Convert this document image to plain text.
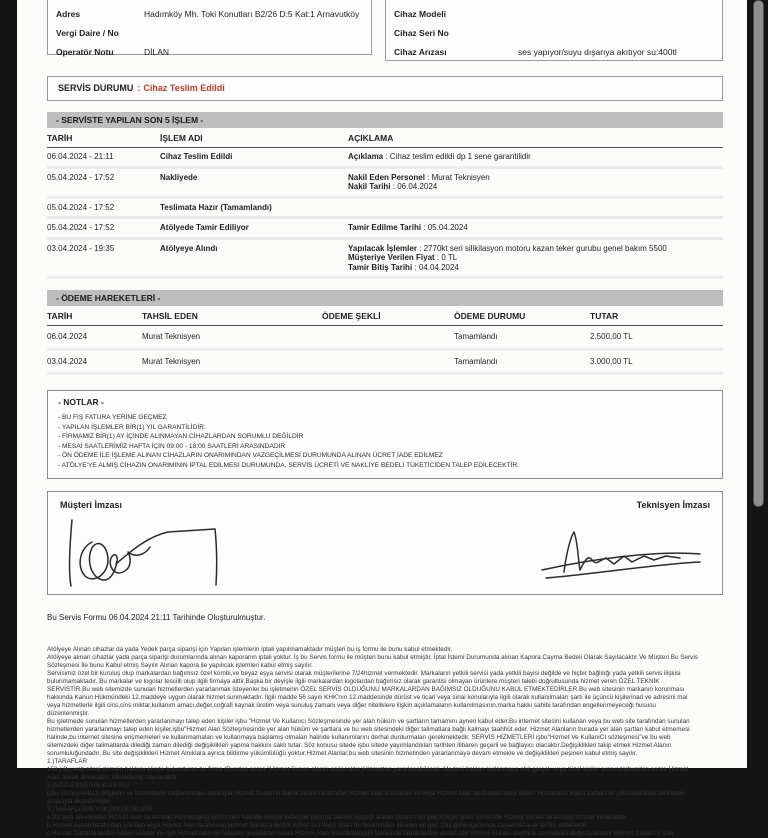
Adres	Hadımköy Mh. Toki Konutları B2/26 D:5 Kat:1 Arnavutköy
Vergi Daire / No
Operatör Notu	DİLAN
Cihaz Modeli
Cihaz Seri No
Cihaz Arızası	ses yapıyor/suyu dışarıya akıtıyor su:400tl
SERVİS DURUMU : Cihaz Teslim Edildi
- SERVİSTE YAPILAN SON 5 İŞLEM -
TARİH	İŞLEM ADI	AÇIKLAMA
06.04.2024 - 21:11	Cihaz Teslim Edildi	Açıklama : Cihaz teslim edildi dp 1 sene garantilidir

05.04.2024 - 17:52	Nakliyede	Nakil Eden Personel : Murat Teknisyen
Nakil Tarihi : 06.04.2024

05.04.2024 - 17:52	Teslimata Hazır (Tamamlandı)	
05.04.2024 - 17:52	Atölyede Tamir Ediliyor	Tamir Edilme Tarihi : 05.04.2024

03.04.2024 - 19:35	Atölyeye Alındı	Yapılacak İşlemler : 2770kt seri silikilasyon motoru kazan teker gurubu genel bakım 5500
Müşteriye Verilen Fiyat : 0 TL
Tamir Bitiş Tarihi : 04.04.2024
- ÖDEME HAREKETLERİ -
TARİH	TAHSİL EDEN	ÖDEME ŞEKLİ	ÖDEME DURUMU	TUTAR
06.04.2024	Murat Teknisyen		Tamamlandı	2.500,00 TL
03.04.2024	Murat Teknisyen		Tamamlandı	3.000,00 TL
- NOTLAR -
- BU FİŞ FATURA YERİNE GEÇMEZ
- YAPILAN İŞLEMLER BİR(1) YIL GARANTİLİDİR.
- FİRMAMIZ BİR(1) AY İÇİNDE ALINMAYAN CİHAZLARDAN SORUMLU DEĞİLDİR
- MESAİ SAATLERİMİZ HAFTA İÇİN 09:00 - 18:00 SAATLERİ ARASINDADIR
- ÖN ÖDEME İLE İŞLEME ALINAN CİHAZLARIN ONARIMINDAN VAZGEÇİLMESİ DURUMUNDA ALINAN ÜCRET İADE EDİLMEZ
- ATÖLYE'YE ALMIŞ CİHAZIN ONARIMININ İPTAL EDİLMESİ DURUMUNDA, SERVİS ÜCRETİ VE NAKLİYE BEDELİ TÜKETİCİDEN TALEP EDİLECEKTİR.
Müşteri İmzası	Teknisyen İmzası
Bu Servis Formu 06.04.2024 21:11 Tarihinde Oluşturulmuştur.
Atölyeye Alınan cihazlar da yada Yedek parça siparişi için Yapılan işlemlerin iptali yapılmamaktadır müşteri bu iş formu ile bunu kabul etmektedir.
Atölyeye alınan cihazlar yada parça siparişi durumlarında alınan kaporanın iptali yoktur. İş bu Servis formu ile müşteri bunu kabul etmiştir. İptal İstemi Durumunda alınan Kapora Cayma Bedeli Olarak Sayılacaktır Ve Müşteri Bu Servis
Sözleşmesi İle bunu Kabul etmiş Sayılır Alınan kapora ile yapılıcak işlemleri kabul etmiş sayılır.
Servisimiz özel bir kuruluş olup markalardan bağımsız özel kombi,ve beyaz eşya servisi olarak müşterilerine 7/24hizmet vermektedir. Markaların yetkili servisi yada yetkili bayisi değilde ve hiçbir bağlılığı yada yetkili servis ilişkisi
bulunmamaktadır. Bu markalar ve logolar tescilli olup ilgili firmaya aittir.Başka bir deyişle ilgili markalardan logolardan bağımsız olarak garantisi olmayan ürünlere müşteri talebi doğrultusunda hizmet veren ÖZEL TEKNİK
SERVİSTİR.Bu web sitemizde sunulan hizmetlerden yararlanmak isteyenler bu işletmenin ÖZEL SERVİS OLDUĞUNU MARKALARDAN BAĞIMSIZ OLDUĞUNU KABUL ETMEKTEDİRLER.Bu web sitesinin markanın korunması
hakkında Kanun Hükmündeki 12.maddeye uygun olarak hizmet sunmaktadır. İlgili madde 56 sayılı KHK'nın 12.maddesinde dürüst ve ticari veya sınai konularıyla ilgili olarak kullanılmaları şartı ile üçüncü kişilerinad ve adresini mal
veya hizmetlerle ilgili cins,cins miktar,kullanım amacı,değer,coğrafi kaynak üretim veya sunuluş zamanı veya diğer niteliklere ilişkin açıklamaların kullanılmasının,marka hakkı sahibi tarafından engellenmeyeceği hususu
düzenlenmiştir.
Bu işletmede sunulan hizmetlerden yararlanmayı talep eden kişiler işbu "Hizmet Ve Kullanıcı Sözleşmesinde yer alan hüküm ve şartların tamamını aynen kabul eder.Bu internet sitesini kullanan veya bu web site tarafından sunulan
hizmetlerden yararlanmayı talep eden kişiler,işbu"Hizmet Alan Sözleşmesinde yer alan hüküm ve şartlara ve bu web sitesindeki diğer talimatlara bağlı kalmayı taahhüt eder. Hizmet Alanların burada yer alan şartları kabul etmemesi
halinde,bu internet sitesine erişmemeleri ve kullanmamaları ve kullanmaya başlamış olmaları halinde kullanımlarını derhal durdurmaları gerekmektedir. SERVİS HİZMETLERİ işbu"Hizmet Ve KullanıCI sözleşmesi"ve bu web
sitemizdeki diğer talimatlarda dilediği zaman dilediği değişiklikleri yapma hakkını saklı tutar. Söz konusu sitede işbu sitede yayımlandıkları tarihten itibaren geçerli ve bağlayıcı olacaktır.Değişiklikleri takip etmek Hizmet Alanın
sorumluluğundadır. Bu site değişiklikleri Hizmet Alnıklara ayrıca bildirme yükümlülüğü yoktur.Hizmet Alanlar,bu web sitesinin hizmetinden yararlanmaya devam etmekle ve değişiklikleri peşinen kabul etmiş sayılır.
1.)TARAFLAR
152.) Bu web sitesi domain hakkını elinde bulunduran bu firma (Bundan sonra "Hizmet Sunan olarak anılacaktır.)Hizmetten yararlanabilecek ,Medeni hakları kullanmaya ehil gerçek veya tüzel kişiler arasında(bundan sonra Hizmet
Alan olarak anılacaktır.)akdedilmiş sayılacaktır.
2.)SÖZLEŞMENİN KONUSU
işbu sözleşmeBazı bilgilerin ve hizmetlerin sağlanmması amacıyla Hizmet Sunan'ın teknik servis tarafından Hizmet Alan'a sunulan ve/veya Hizmet Alan tarafından talep edilen Hizmetlere ilişkin şartları ve yükümlülükleri belirtmek
amacıyla akdedilmiştir.
3.)TARAFLARIN YÜKÜMLÜLÜKLERİ
a.Bu web adresinden Hizmet Alan tarafından Hizmet talep edilmmesi halinde mücbir sebepler dışında talebin ulaştığı andan itibaren en geç 3(üç)iş günü içerisinde Hizmet Sunan tarafından hizmet verilecektir.
b.Hizmet sunan tarafından sökülen veya Hizmet Alan tarafından Hizmet Sunan'a teslim edilen ürünlerin onarı mı tesliminden itibaren en geç 20iş günü içerisinde tamamlanarak teslim edilecektir.
c.Hizmet Sunan'a teslim edilen ürünler ile ilgili Hizmet Alan ile iletişime geçildikten sonra Hizmet Alan 90(doksan)gün içerisinde ürünü teslim almaz. ise Hizmet SUnan aleyhine sorumluluk doğmayacaktır Hizmet Sunan'ın işbu
